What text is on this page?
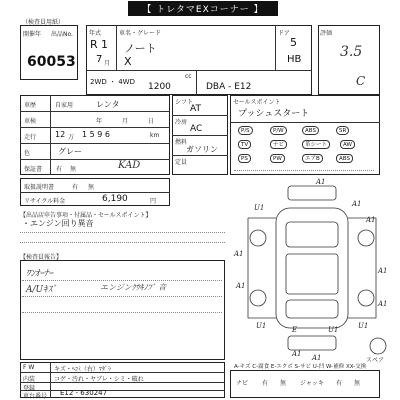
【 トレタマEXコーナー 】
（検査員用紙）
開催年 出品No.
60053
年式
R 1
7 月
車名・グレード
ノート
X
ドア
5
HB
2WD ・ 4WD 1200
cc
DBA - E12
評価
3.5
C
車歴	自家用	レンタ
車検	年	月	日
走行 12 万 1 5 9 6	km
色	グレー
保証書 有 無	KAD
取扱説明書	有 無
リサイクル料金	6,190	円
シフト
AT
冷房
AC
燃料
ガソリン
定員
セールスポイント
プッシュスタート
P/S	P/W	ABS	SR
TV	ナビ	革シート	AW
PS	PW	エアB	ABS
【出品店申告事項・付属品・セールスポイント】
・エンジン回り異音
【検査員報告】
ﾜﾝｵｰﾅｰ
A/Uｷｽﾞ	エンジンｸｳｷﾉﾌﾞ 音
U1
A1
A1
A1
A1
A1
A1
E
U1	U1	U1
A1 A1
A1
スペア
F W	キズ・ﾍｺﾐ（右）ﾏﾀﾞﾗ
内装	コゲ・汚れ・ヤブレ・シミ・破れ
登録
車台番号 E12 - 630247
A-キズ C-腐食 E-エクボ S-サビ U-凹 W-補修 XX-交換
ナビ 有 無 ジャッキ 有 無
